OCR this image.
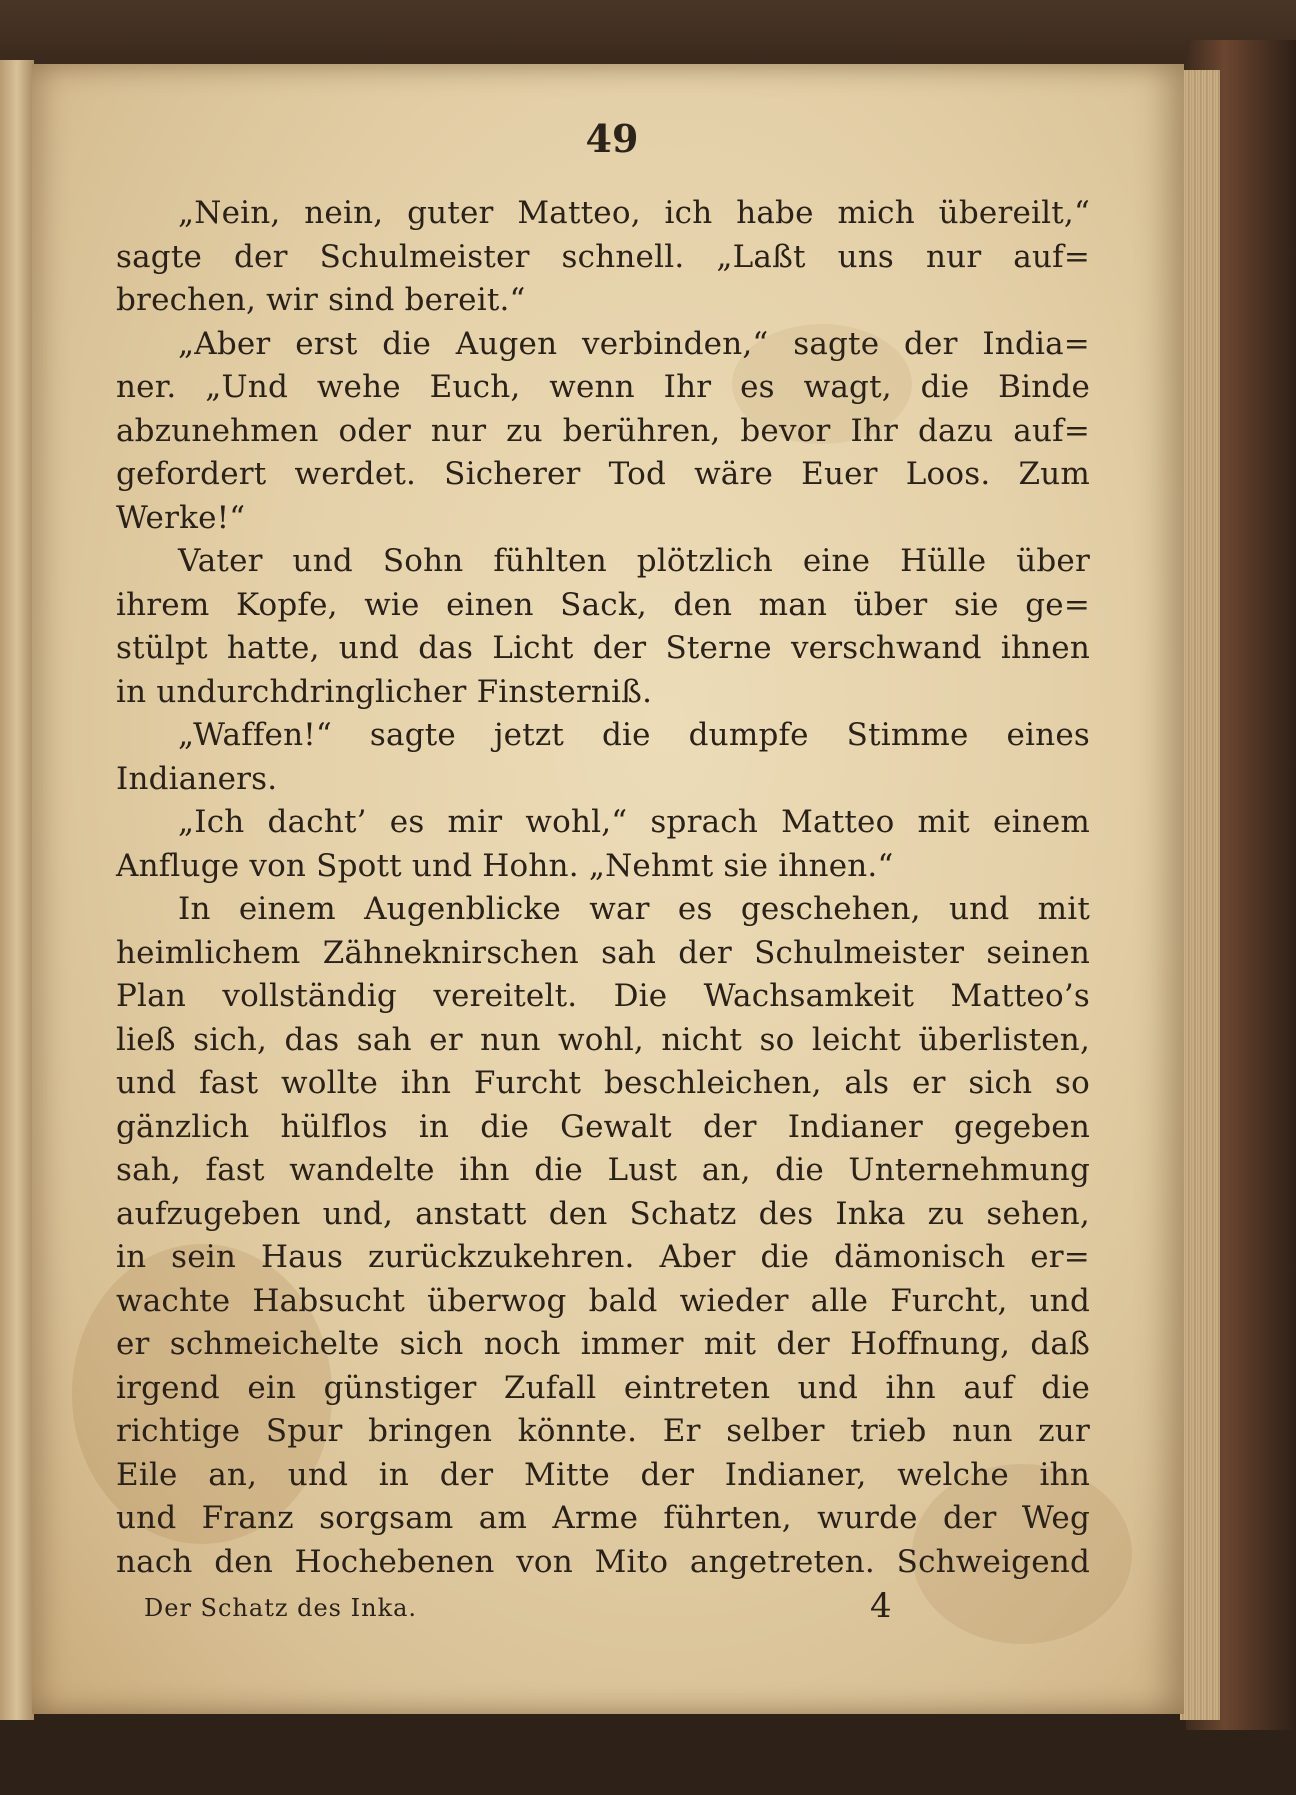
49
„Nein, nein, guter Matteo, ich habe mich übereilt,“
sagte der Schulmeister schnell. „Laßt uns nur auf=
brechen, wir sind bereit.“
„Aber erst die Augen verbinden,“ sagte der India=
ner. „Und wehe Euch, wenn Ihr es wagt, die Binde
abzunehmen oder nur zu berühren, bevor Ihr dazu auf=
gefordert werdet. Sicherer Tod wäre Euer Loos. Zum
Werke!“
Vater und Sohn fühlten plötzlich eine Hülle über
ihrem Kopfe, wie einen Sack, den man über sie ge=
stülpt hatte, und das Licht der Sterne verschwand ihnen
in undurchdringlicher Finsterniß.
„Waffen!“ sagte jetzt die dumpfe Stimme eines
Indianers.
„Ich dacht’ es mir wohl,“ sprach Matteo mit einem
Anfluge von Spott und Hohn. „Nehmt sie ihnen.“
In einem Augenblicke war es geschehen, und mit
heimlichem Zähneknirschen sah der Schulmeister seinen
Plan vollständig vereitelt. Die Wachsamkeit Matteo’s
ließ sich, das sah er nun wohl, nicht so leicht überlisten,
und fast wollte ihn Furcht beschleichen, als er sich so
gänzlich hülflos in die Gewalt der Indianer gegeben
sah, fast wandelte ihn die Lust an, die Unternehmung
aufzugeben und, anstatt den Schatz des Inka zu sehen,
in sein Haus zurückzukehren. Aber die dämonisch er=
wachte Habsucht überwog bald wieder alle Furcht, und
er schmeichelte sich noch immer mit der Hoffnung, daß
irgend ein günstiger Zufall eintreten und ihn auf die
richtige Spur bringen könnte. Er selber trieb nun zur
Eile an, und in der Mitte der Indianer, welche ihn
und Franz sorgsam am Arme führten, wurde der Weg
nach den Hochebenen von Mito angetreten. Schweigend
Der Schatz des Inka.	4
